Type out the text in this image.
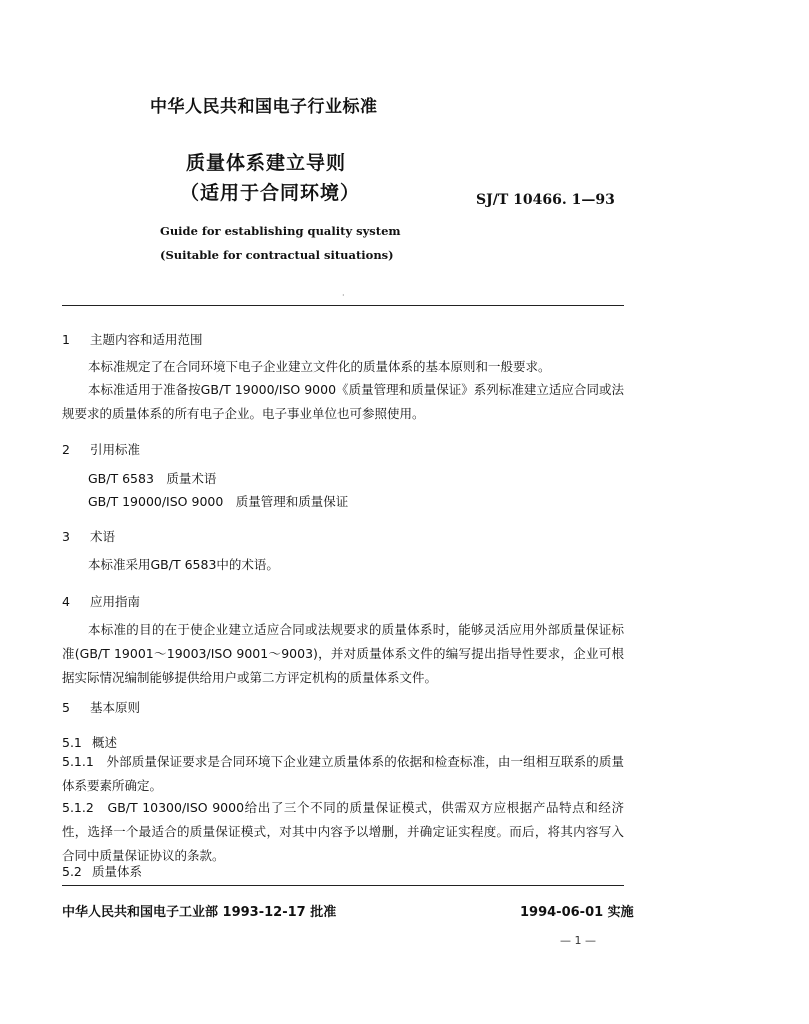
中华人民共和国电子行业标准
质量体系建立导则
（适用于合同环境）	SJ/T 10466. 1—93
Guide for establishing quality system
(Suitable for contractual situations)
·
1 主题内容和适用范围
本标准规定了在合同环境下电子企业建立文件化的质量体系的基本原则和一般要求。
本标准适用于准备按GB/T 19000/ISO 9000《质量管理和质量保证》系列标准建立适应合同或法规要求的质量体系的所有电子企业。电子事业单位也可参照使用。
2 引用标准
GB/T 6583　质量术语
GB/T 19000/ISO 9000　质量管理和质量保证
3 术语
本标准采用GB/T 6583中的术语。
4 应用指南
本标准的目的在于使企业建立适应合同或法规要求的质量体系时，能够灵活应用外部质量保证标准(GB/T 19001～19003/ISO 9001～9003)，并对质量体系文件的编写提出指导性要求，企业可根据实际情况编制能够提供给用户或第二方评定机构的质量体系文件。
5 基本原则
5.1 概述
5.1.1　外部质量保证要求是合同环境下企业建立质量体系的依据和检查标准，由一组相互联系的质量体系要素所确定。
5.1.2　GB/T 10300/ISO 9000给出了三个不同的质量保证模式，供需双方应根据产品特点和经济性，选择一个最适合的质量保证模式，对其中内容予以增删，并确定证实程度。而后，将其内容写入合同中质量保证协议的条款。
5.2 质量体系
中华人民共和国电子工业部 1993-12-17 批准	1994-06-01 实施
— 1 —
